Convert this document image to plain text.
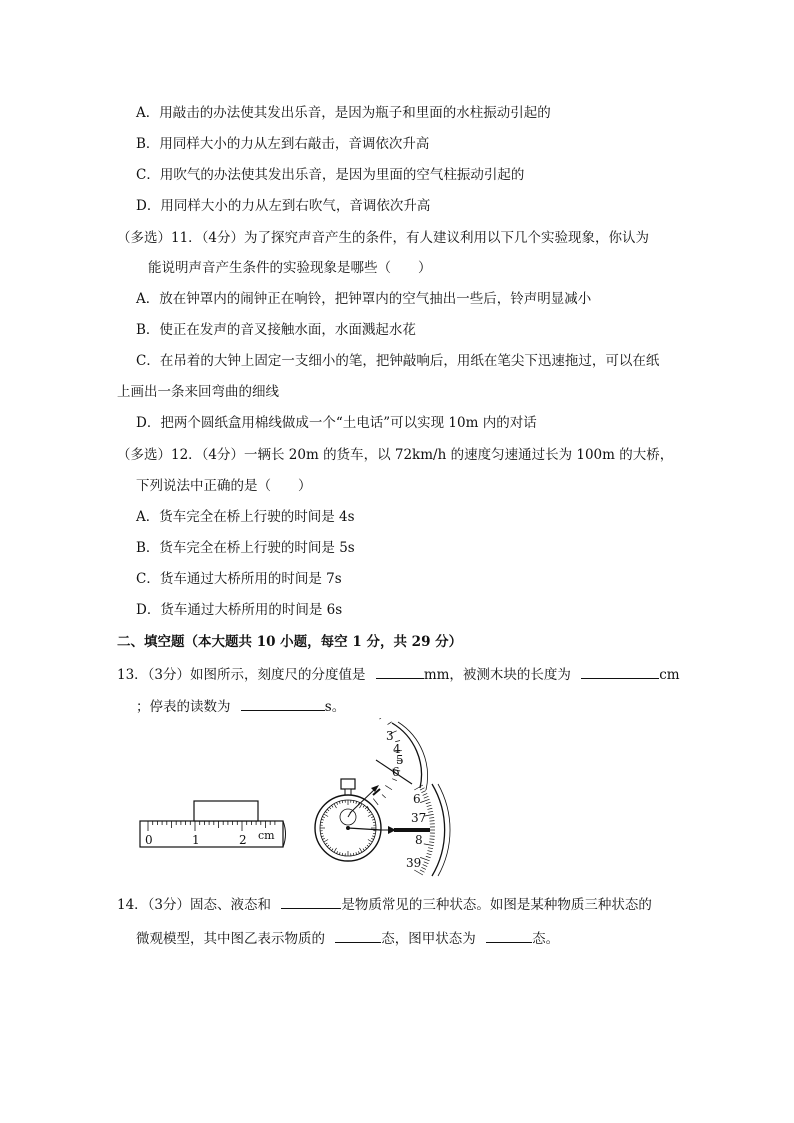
A．用敲击的办法使其发出乐音，是因为瓶子和里面的水柱振动引起的
B．用同样大小的力从左到右敲击，音调依次升高
C．用吹气的办法使其发出乐音，是因为里面的空气柱振动引起的
D．用同样大小的力从左到右吹气，音调依次升高
（多选）11．（4分）为了探究声音产生的条件，有人建议利用以下几个实验现象，你认为
能说明声音产生条件的实验现象是哪些（　　）
A．放在钟罩内的闹钟正在响铃，把钟罩内的空气抽出一些后，铃声明显减小
B．使正在发声的音叉接触水面，水面溅起水花
C．在吊着的大钟上固定一支细小的笔，把钟敲响后，用纸在笔尖下迅速拖过，可以在纸
上画出一条来回弯曲的细线
D．把两个圆纸盒用棉线做成一个“土电话”可以实现 10m 内的对话
（多选）12．（4分）一辆长 20m 的货车，以 72km/h 的速度匀速通过长为 100m 的大桥，
下列说法中正确的是（　　）
A．货车完全在桥上行驶的时间是 4s
B．货车完全在桥上行驶的时间是 5s
C．货车通过大桥所用的时间是 7s
D．货车通过大桥所用的时间是 6s
二、填空题（本大题共 10 小题，每空 1 分，共 29 分）
13．（3分）如图所示，刻度尺的分度值是	mm，被测木块的长度为	cm
；停表的读数为	s。
0	1	2 cm
3
4
5
6
6
37
8
39
14．（3分）固态、液态和	是物质常见的三种状态。如图是某种物质三种状态的
微观模型，其中图乙表示物质的	态，图甲状态为	态。
